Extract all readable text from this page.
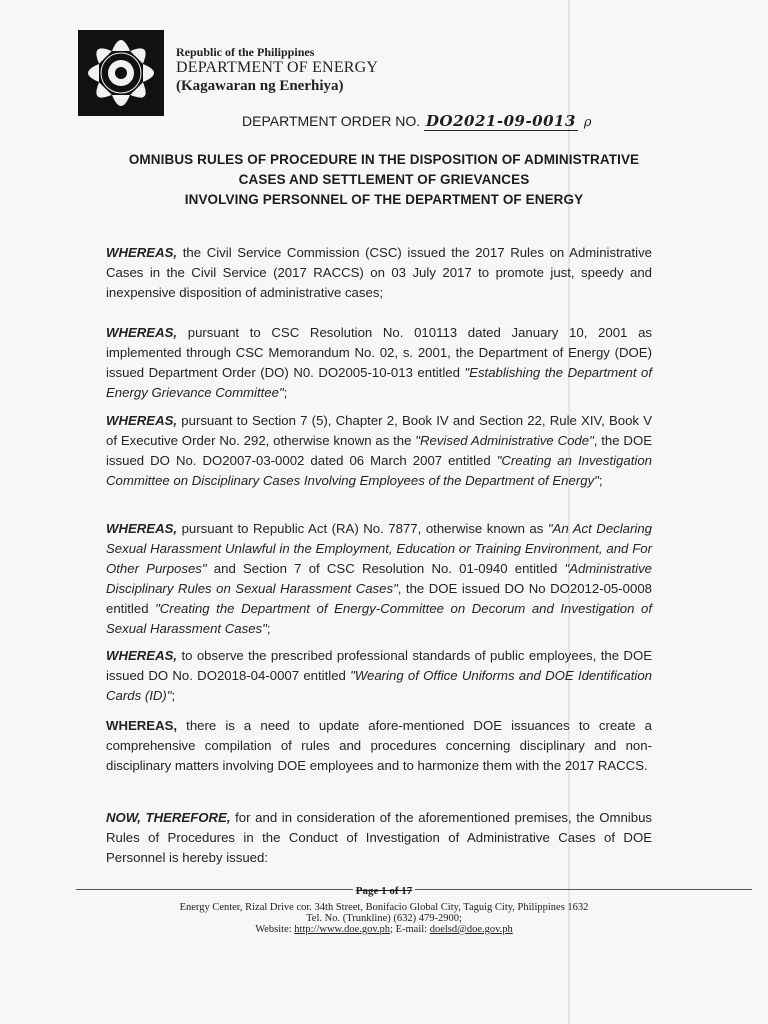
Republic of the Philippines
DEPARTMENT OF ENERGY
(Kagawaran ng Enerhiya)
DEPARTMENT ORDER NO. DO2021-09-0013 ρ
OMNIBUS RULES OF PROCEDURE IN THE DISPOSITION OF ADMINISTRATIVE
CASES AND SETTLEMENT OF GRIEVANCES
INVOLVING PERSONNEL OF THE DEPARTMENT OF ENERGY
WHEREAS, the Civil Service Commission (CSC) issued the 2017 Rules on Administrative Cases in the Civil Service (2017 RACCS) on 03 July 2017 to promote just, speedy and inexpensive disposition of administrative cases;
WHEREAS, pursuant to CSC Resolution No. 010113 dated January 10, 2001 as implemented through CSC Memorandum No. 02, s. 2001, the Department of Energy (DOE) issued Department Order (DO) N0. DO2005-10-013 entitled "Establishing the Department of Energy Grievance Committee";
WHEREAS, pursuant to Section 7 (5), Chapter 2, Book IV and Section 22, Rule XIV, Book V of Executive Order No. 292, otherwise known as the "Revised Administrative Code", the DOE issued DO No. DO2007-03-0002 dated 06 March 2007 entitled "Creating an Investigation Committee on Disciplinary Cases Involving Employees of the Department of Energy";
WHEREAS, pursuant to Republic Act (RA) No. 7877, otherwise known as "An Act Declaring Sexual Harassment Unlawful in the Employment, Education or Training Environment, and For Other Purposes" and Section 7 of CSC Resolution No. 01-0940 entitled "Administrative Disciplinary Rules on Sexual Harassment Cases", the DOE issued DO No DO2012-05-0008 entitled "Creating the Department of Energy-Committee on Decorum and Investigation of Sexual Harassment Cases";
WHEREAS, to observe the prescribed professional standards of public employees, the DOE issued DO No. DO2018-04-0007 entitled "Wearing of Office Uniforms and DOE Identification Cards (ID)";
WHEREAS, there is a need to update afore-mentioned DOE issuances to create a comprehensive compilation of rules and procedures concerning disciplinary and non-disciplinary matters involving DOE employees and to harmonize them with the 2017 RACCS.
NOW, THEREFORE, for and in consideration of the aforementioned premises, the Omnibus Rules of Procedures in the Conduct of Investigation of Administrative Cases of DOE Personnel is hereby issued:
Page 1 of 17
Energy Center, Rizal Drive cor. 34th Street, Bonifacio Global City, Taguig City, Philippines 1632
Tel. No. (Trunkline) (632) 479-2900;
Website: http://www.doe.gov.ph; E-mail: doelsd@doe.gov.ph
